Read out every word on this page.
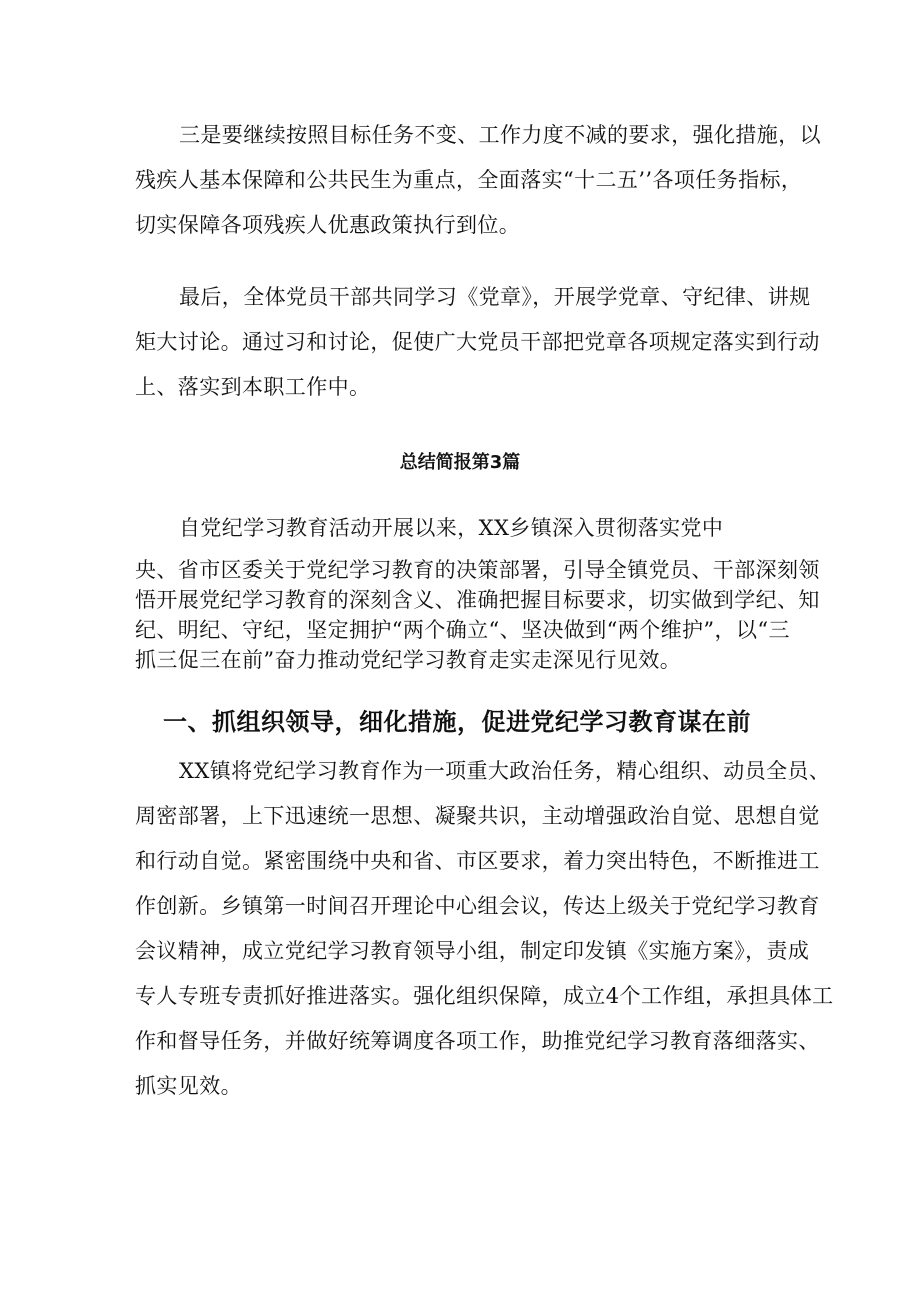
三是要继续按照目标任务不变、工作力度不减的要求，强化措施，以
残疾人基本保障和公共民生为重点，全面落实“十二五’’各项任务指标，
切实保障各项残疾人优惠政策执行到位。

最后，全体党员干部共同学习《党章》，开展学党章、守纪律、讲规
矩大讨论。通过习和讨论，促使广大党员干部把党章各项规定落实到行动
上、落实到本职工作中。

总结简报第3篇

自党纪学习教育活动开展以来，XX乡镇深入贯彻落实党中
央、省市区委关于党纪学习教育的决策部署，引导全镇党员、干部深刻领
悟开展党纪学习教育的深刻含义、准确把握目标要求，切实做到学纪、知
纪、明纪、守纪，坚定拥护“两个确立“、坚决做到“两个维护”，以“三
抓三促三在前”奋力推动党纪学习教育走实走深见行见效。

一、抓组织领导，细化措施，促进党纪学习教育谋在前

XX镇将党纪学习教育作为一项重大政治任务，精心组织、动员全员、
周密部署，上下迅速统一思想、凝聚共识，主动增强政治自觉、思想自觉
和行动自觉。紧密围绕中央和省、市区要求，着力突出特色，不断推进工
作创新。乡镇第一时间召开理论中心组会议，传达上级关于党纪学习教育
会议精神，成立党纪学习教育领导小组，制定印发镇《实施方案》，责成
专人专班专责抓好推进落实。强化组织保障，成立4个工作组，承担具体工
作和督导任务，并做好统筹调度各项工作，助推党纪学习教育落细落实、
抓实见效。
